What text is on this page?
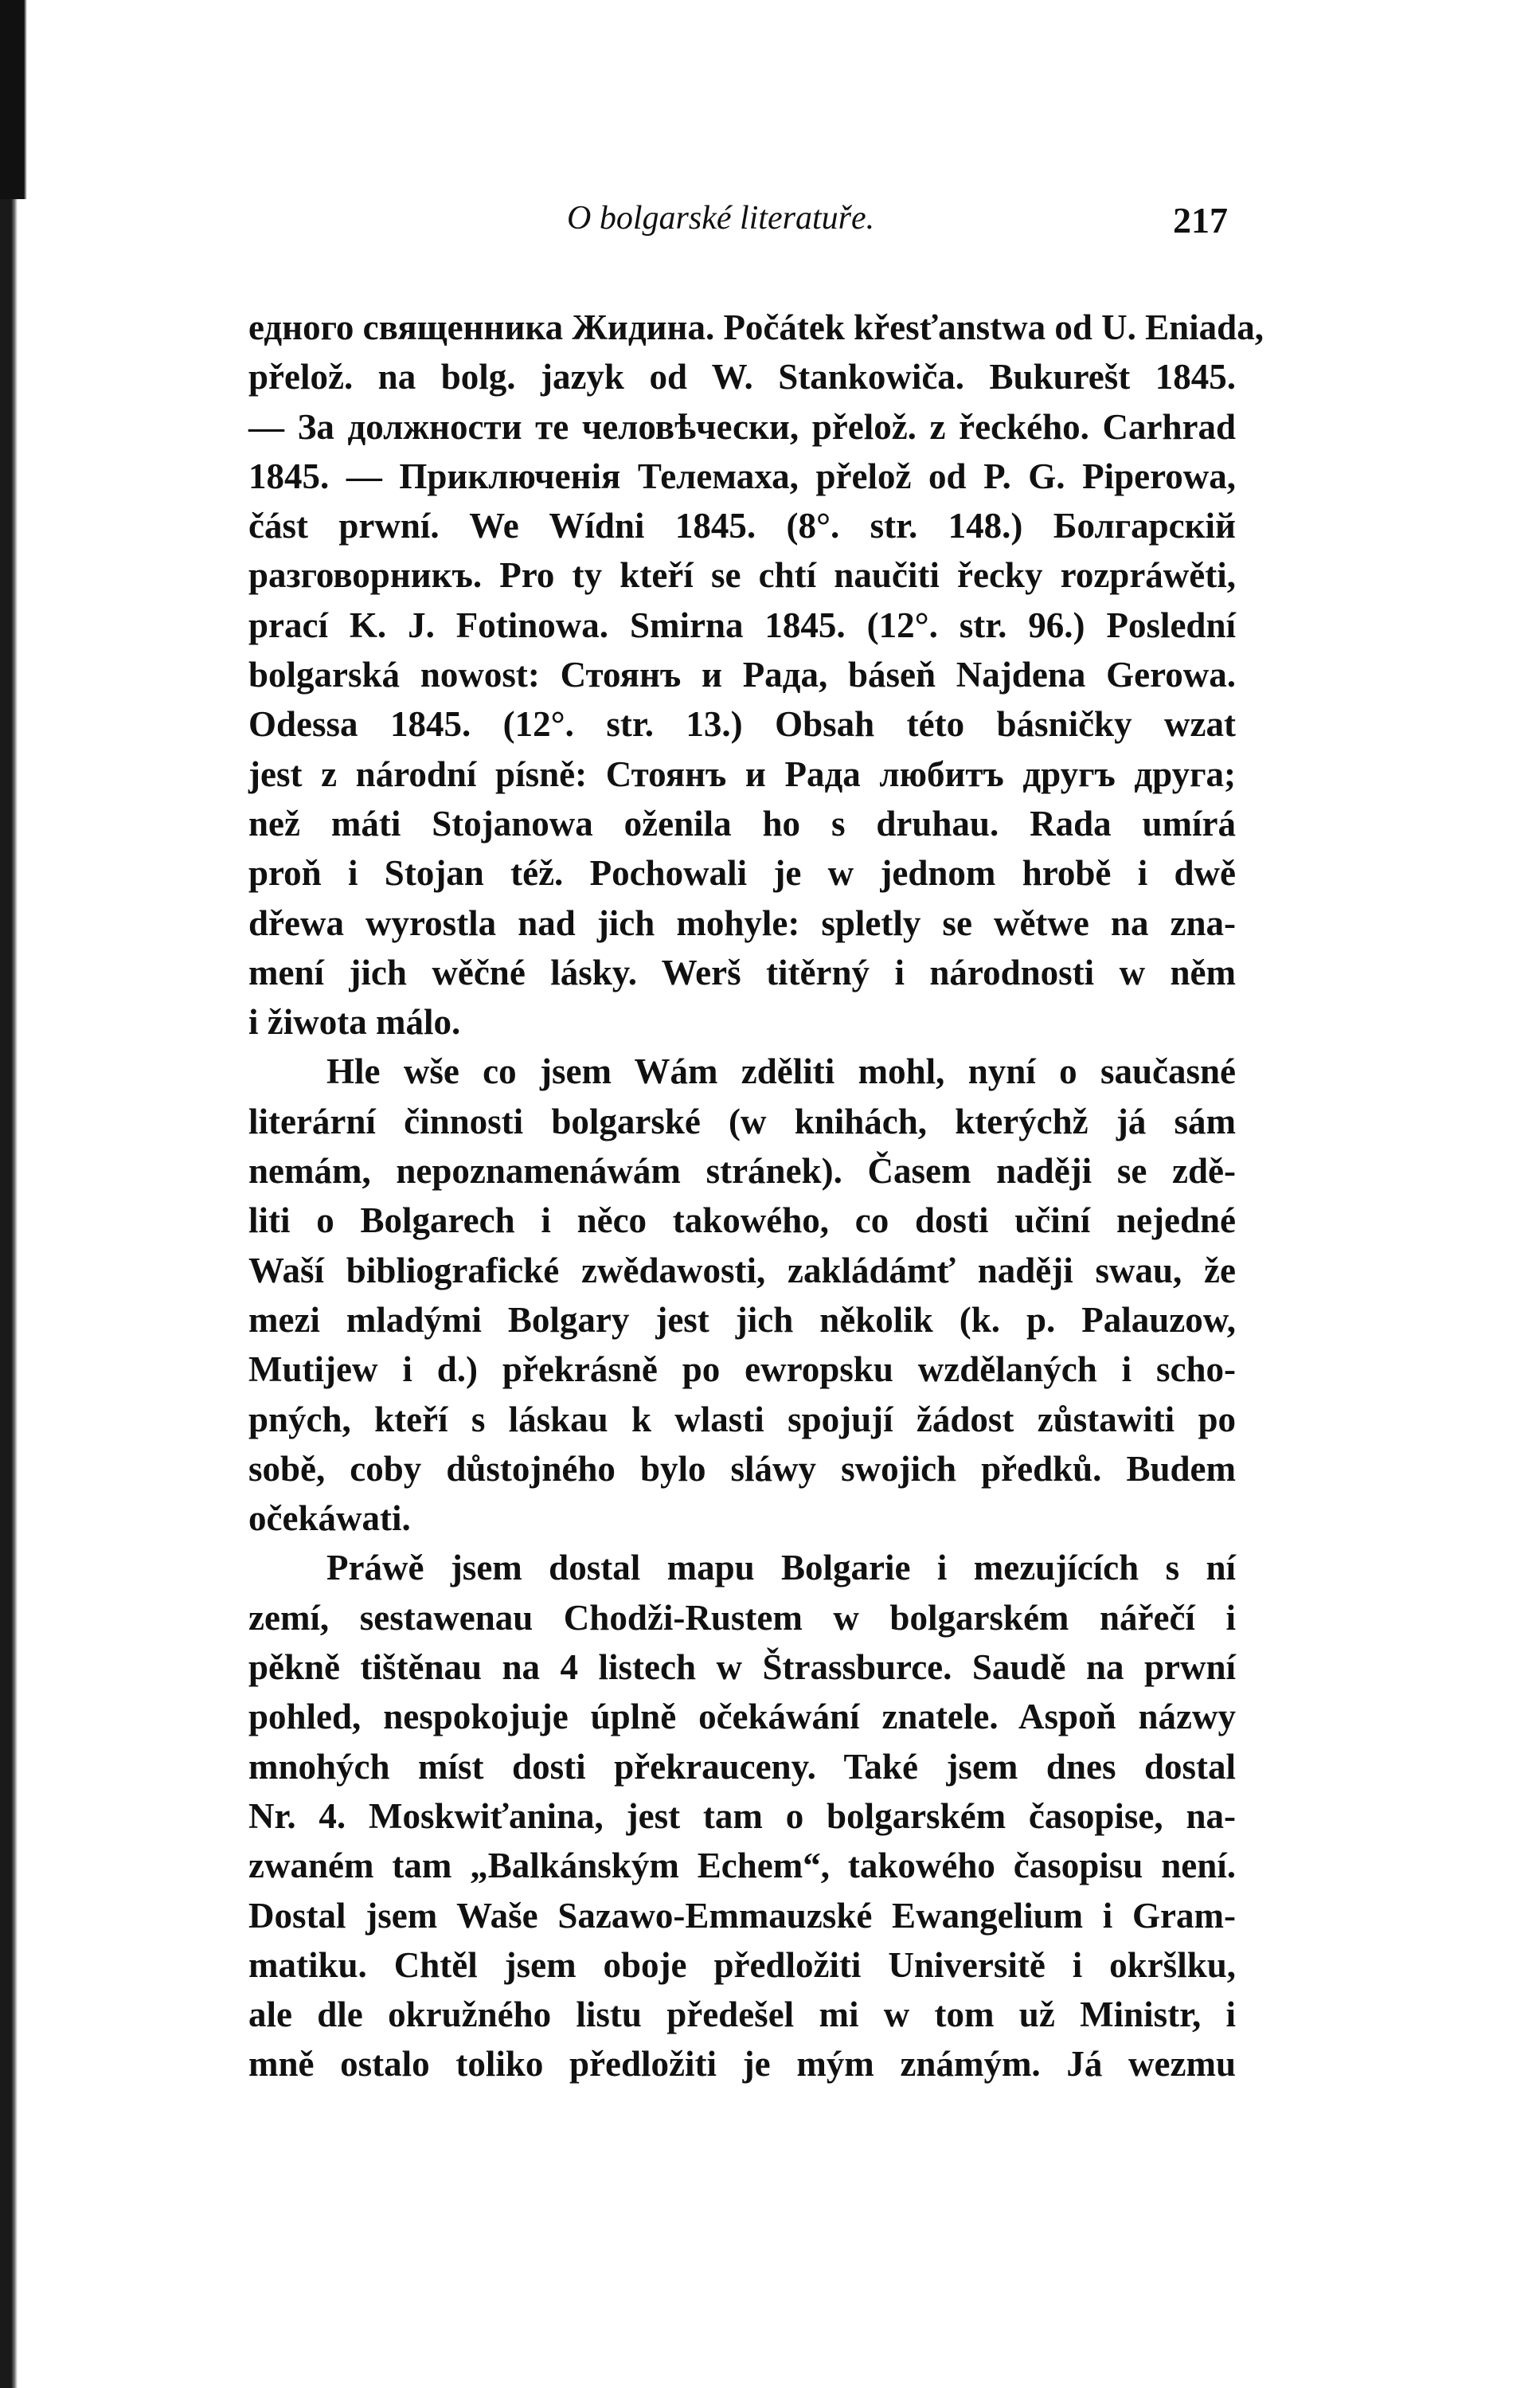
O bolgarské literatuře.	217
едного священника Жидина. Počátek křesťanstwa od U. Eniada,
přelož. na bolg. jazyk od W. Stankowiča. Bukurešt 1845.
— За должности те человѣчески, přelož. z řeckého. Carhrad
1845. — Приключенія Телемаха, přelož od P. G. Piperowa,
část prwní. We Wídni 1845. (8°. str. 148.) Болгарскій
разговорникъ. Pro ty kteří se chtí naučiti řecky rozpráwěti,
prací K. J. Fotinowa. Smirna 1845. (12°. str. 96.) Poslední
bolgarská nowost: Стоянъ и Рада, báseň Najdena Gerowa.
Odessa 1845. (12°. str. 13.) Obsah této básničky wzat
jest z národní písně: Стоянъ и Рада любитъ другъ друга;
než máti Stojanowa oženila ho s druhau. Rada umírá
proň i Stojan též. Pochowali je w jednom hrobě i dwě
dřewa wyrostla nad jich mohyle: spletly se wětwe na zna-
mení jich wěčné lásky. Werš titěrný i národnosti w něm
i žiwota málo.
Hle wše co jsem Wám zděliti mohl, nyní o saučasné
literární činnosti bolgarské (w knihách, kterýchž já sám
nemám, nepoznamenáwám stránek). Časem naději se zdě-
liti o Bolgarech i něco takowého, co dosti učiní nejedné
Waší bibliografické zwědawosti, zakládámť naději swau, že
mezi mladými Bolgary jest jich několik (k. p. Palauzow,
Mutijew i d.) překrásně po ewropsku wzdělaných i scho-
pných, kteří s láskau k wlasti spojují žádost zůstawiti po
sobě, coby důstojného bylo sláwy swojich předků. Budem
očekáwati.
Práwě jsem dostal mapu Bolgarie i mezujících s ní
zemí, sestawenau Chodži-Rustem w bolgarském nářečí i
pěkně tištěnau na 4 listech w Štrassburce. Saudě na prwní
pohled, nespokojuje úplně očekáwání znatele. Aspoň názwy
mnohých míst dosti překrauceny. Také jsem dnes dostal
Nr. 4. Moskwiťanina, jest tam o bolgarském časopise, na-
zwaném tam „Balkánským Echem“, takowého časopisu není.
Dostal jsem Waše Sazawo-Emmauzské Ewangelium i Gram-
matiku. Chtěl jsem oboje předložiti Universitě i okršlku,
ale dle okružného listu předešel mi w tom už Ministr, i
mně ostalo toliko předložiti je mým známým. Já wezmu
